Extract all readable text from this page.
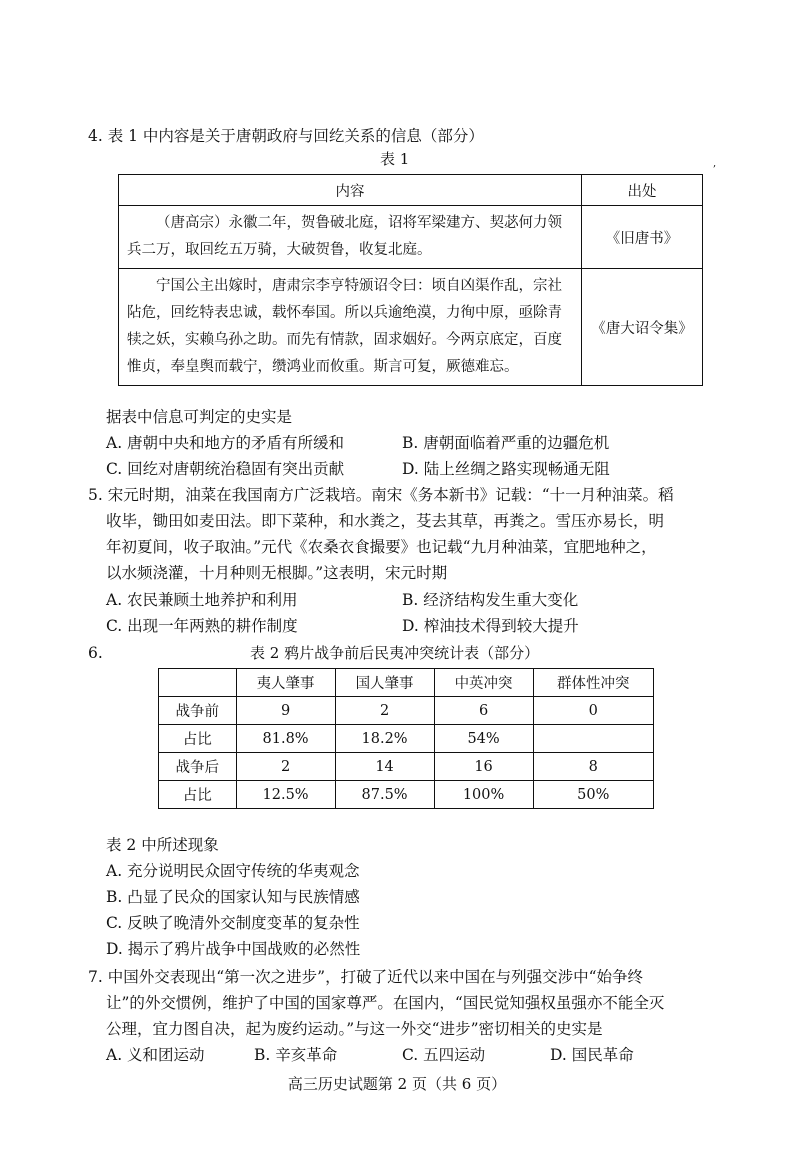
4. 表 1 中内容是关于唐朝政府与回纥关系的信息（部分）
表 1	,
内容	出处
（唐高宗）永徽二年，贺鲁破北庭，诏将军梁建方、契苾何力领兵二万，取回纥五万骑，大破贺鲁，收复北庭。	《旧唐书》
宁国公主出嫁时，唐肃宗李亨特颁诏令曰：顷自凶渠作乱，宗社阽危，回纥特表忠诚，载怀奉国。所以兵逾绝漠，力徇中原，亟除青犊之妖，实赖乌孙之助。而先有情款，固求姻好。今两京底定，百度惟贞，奉皇舆而载宁，缵鸿业而攸重。斯言可复，厥德难忘。	《唐大诏令集》
据表中信息可判定的史实是
A. 唐朝中央和地方的矛盾有所缓和	B. 唐朝面临着严重的边疆危机
C. 回纥对唐朝统治稳固有突出贡献	D. 陆上丝绸之路实现畅通无阻
5. 宋元时期，油菜在我国南方广泛栽培。南宋《务本新书》记载：“十一月种油菜。稻
收毕，锄田如麦田法。即下菜种，和水粪之，芟去其草，再粪之。雪压亦易长，明
年初夏间，收子取油。”元代《农桑衣食撮要》也记载“九月种油菜，宜肥地种之，
以水频浇灌，十月种则无根脚。”这表明，宋元时期
A. 农民兼顾土地养护和利用	B. 经济结构发生重大变化
C. 出现一年两熟的耕作制度	D. 榨油技术得到较大提升
6.	表 2 鸦片战争前后民夷冲突统计表（部分）
	夷人肇事	国人肇事	中英冲突	群体性冲突
战争前	9	2	6	0
占比	81.8%	18.2%	54%	
战争后	2	14	16	8
占比	12.5%	87.5%	100%	50%
表 2 中所述现象
A. 充分说明民众固守传统的华夷观念
B. 凸显了民众的国家认知与民族情感
C. 反映了晚清外交制度变革的复杂性
D. 揭示了鸦片战争中国战败的必然性
7. 中国外交表现出“第一次之进步”，打破了近代以来中国在与列强交涉中“始争终
让”的外交惯例，维护了中国的国家尊严。在国内，“国民觉知强权虽强亦不能全灭
公理，宜力图自决，起为废约运动。”与这一外交“进步”密切相关的史实是
A. 义和团运动	B. 辛亥革命	C. 五四运动	D. 国民革命
高三历史试题第 2 页（共 6 页）
